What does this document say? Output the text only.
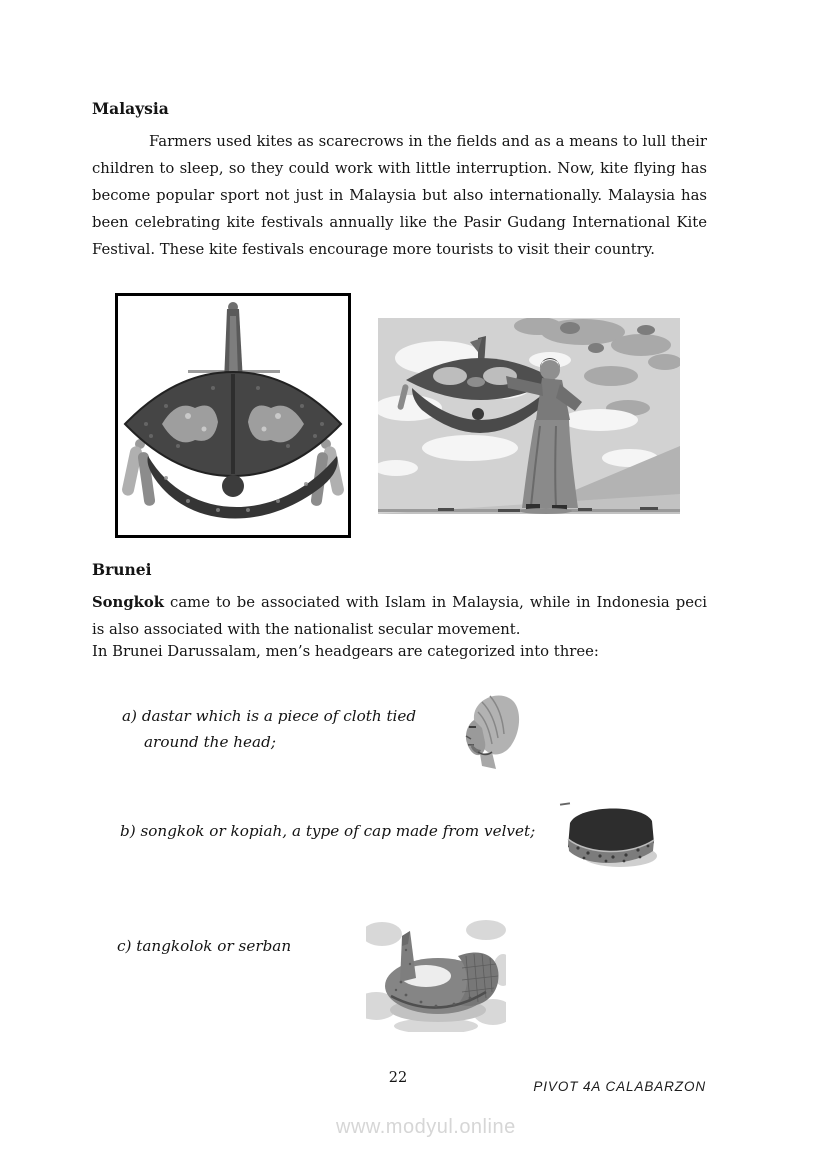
Malaysia
Farmers used kites as scarecrows in the fields and as a means to lull their children to sleep, so they could work with little interruption. Now, kite flying has become popular sport not just in Malaysia but also internationally. Malaysia has been celebrating kite festivals annually like the Pasir Gudang International Kite Festival. These kite festivals encourage more tourists to visit their country.
Brunei
Songkok came to be associated with Islam in Malaysia, while in Indonesia peci is also associated with the nationalist secular movement.
In Brunei Darussalam, men’s headgears are categorized into three:
a) dastar which is a piece of cloth tied around the head;
b) songkok or kopiah, a type of cap made from velvet;
c) tangkolok or serban
22
PIVOT 4A CALABARZON
www.modyul.online
